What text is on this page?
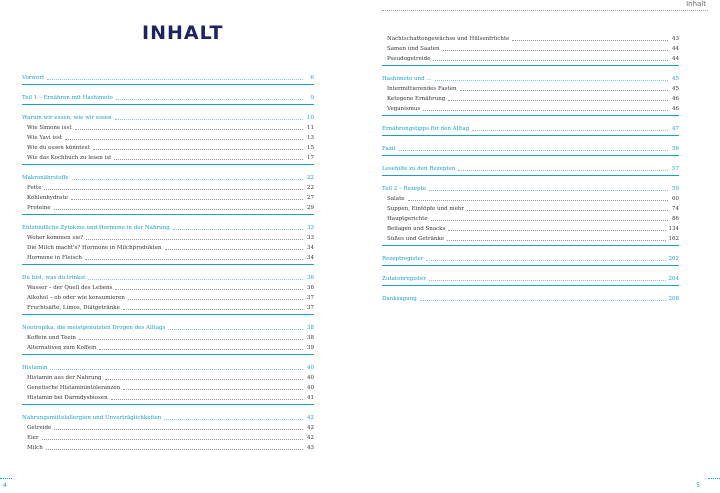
INHALT
Vorwort	6
Teil 1 – Ernähren mit Hashimoto	9
Warum wir essen, wie wir essen	10
Wie Simone isst	11
Wie Yavi isst	13
Wie du essen könntest	15
Wie das Kochbuch zu lesen ist	17
Makronährstoffe	22
Fette	22
Kohlenhydrate	27
Proteine	29
Entzündliche Zytokine und Hormone in der Nahrung	33
Woher kommen sie?	33
Die Milch macht's? Hormone in Milchprodukten	34
Hormone in Fleisch	34
Du bist, was du trinkst	36
Wasser – der Quell des Lebens	36
Alkohol – ob oder wie konsumieren	37
Fruchtsäfte, Limos, Diätgetränke	37
Nootropika, die meistgenutzten Drogen des Alltags	38
Koffein und Teein	38
Alternativen zum Koffein	39
Histamin	40
Histamin aus der Nahrung	40
Genetische Histaminintoleranzen	40
Histamin bei Darmdysbiosen	41
Nahrungsmittelallergien und Unverträglichkeiten	42
Getreide	42
Eier	42
Milch	43
4
Inhalt
Nachtschattengewächse und Hülsenfrüchte	43
Samen und Saaten	44
Pseudogetreide	44
Hashimoto und ...	45
Intermittierendes Fasten	45
Ketogene Ernährung	46
Veganismus	46
Ernährungstipps für den Alltag	47
Fazit	56
Lesehilfe zu den Rezepten	57
Teil 2 – Rezepte	59
Salate	60
Suppen, Eintöpfe und mehr	74
Hauptgerichte	86
Beilagen und Snacks	134
Süßes und Getränke	162
Rezeptregister	202
Zutatenregister	204
Danksagung	208
5
